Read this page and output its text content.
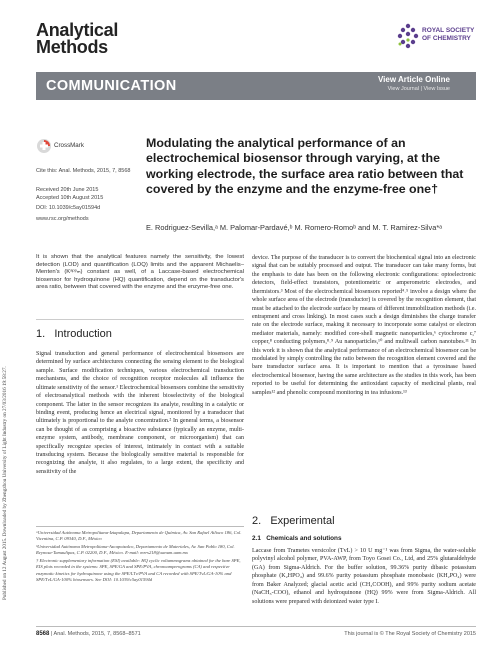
Published on 12 August 2015. Downloaded by Zhengzhou University of Light Industry on 27/03/2016 19:58:27.
Analytical
Methods
ROYAL SOCIETY
OF CHEMISTRY
COMMUNICATION	View Article Online
View Journal | View Issue
CrossMark
Cite this: Anal. Methods, 2015, 7, 8568
Received 20th June 2015
Accepted 10th August 2015
DOI: 10.1039/c5ay01594d
www.rsc.org/methods
Modulating the analytical performance of an electrochemical biosensor through varying, at the working electrode, the surface area ratio between that covered by the enzyme and the enzyme-free one†
E. Rodriguez-Sevilla,ᵃ M. Palomar-Pardavé,ᵇ M. Romero-Romoᵇ and M. T. Ramirez-Silva*ᵃ
It is shown that the analytical features namely the sensitivity, the lowest detection (LOD) and quantification (LOQ) limits and the apparent Michaelis–Menten's (Kᵃᵖᵖₘ) constant as well, of a Laccase-based electrochemical biosensor for hydroquinone (HQ) quantification, depend on the transductor's area ratio, between that covered with the enzyme and the enzyme-free one.
1.   Introduction
Signal transduction and general performance of electrochemical biosensors are determined by surface architectures connecting the sensing element to the biological sample. Surface modification techniques, various electrochemical transduction mechanisms, and the choice of recognition receptor molecules all influence the ultimate sensitivity of the sensor.¹ Electrochemical biosensors combine the sensitivity of electroanalytical methods with the inherent bioselectivity of the biological component. The latter in the sensor recognizes its analyte, resulting in a catalytic or binding event, producing hence an electrical signal, monitored by a transducer that ultimately is proportional to the analyte concentration.² In general terms, a biosensor can be thought of as comprising a bioactive substance (typically an enzyme, multi-enzyme system, antibody, membrane component, or microorganism) that can specifically recognize species of interest, intimately in contact with a suitable transducing system. Because the biologically sensitive material is responsible for recognizing the analyte, it also regulates, to a large extent, the specificity and sensitivity of the

ᵃUniversidad Autónoma Metropolitana-Iztapalapa, Departamento de Química, Av. San Rafael Atlixco 186, Col. Vicentina, C.P. 09340, D.F., México

ᵇUniversidad Autónoma Metropolitana-Azcapotzalco, Departamento de Materiales, Av. San Pablo 180, Col. Reynosa-Tamaulipas, C.P. 02200, D.F., México. E-mail: mrrs218@xanum.uam.mx

† Electronic supplementary information (ESI) available: HQ cyclic voltammograms obtained for the bare SPE, EIS plots recorded in the systems: SPE, SPE/GA and SPE/PVA, chronoamperograms (CA) and respective enzymatic kinetics for hydroquinone using the SPE/LTv/PVA and CA recorded with SPE/TvL/GA-10% and SPE/TvL/GA-100% biosensors. See DOI: 10.1039/c5ay01594d

device. The purpose of the transducer is to convert the biochemical signal into an electronic signal that can be suitably processed and output. The transducer can take many forms, but the emphasis to date has been on the following electronic configurations: optoelectronic detectors, field-effect transistors, potentiometric or amperometric electrodes, and thermistors.³ Most of the electrochemical biosensors reported⁴˒⁵ involve a design where the whole surface area of the electrode (transductor) is covered by the recognition element, that must be attached to the electrode surface by means of different immobilization methods (i.e. entrapment and cross linking). In most cases such a design diminishes the charge transfer rate on the electrode surface, making it necessary to incorporate some catalyst or electron mediator materials, namely: modified core-shell magnetic nanoparticles,⁶ cytochrome c,⁷ copper,⁸ conducting polymers,⁸˒⁹ Au nanoparticles,¹⁰ and multiwall carbon nanotubes.¹¹ In this work it is shown that the analytical performance of an electrochemical biosensor can be modulated by simply controlling the ratio between the recognition element covered and the bare transductor surface area. It is important to mention that a tyrosinase based electrochemical biosensor, having the same architecture as the studies in this work, has been reported to be useful for determining the antioxidant capacity of medicinal plants, real samples¹² and phenolic compound monitoring in tea infusions.¹³
2.   Experimental
2.1   Chemicals and solutions
Laccase from Trametes versicolor (TvL) > 10 U mg⁻¹ was from Sigma, the water-soluble polyvinyl alcohol polymer, PVA-AWP, from Toyo Gosei Co., Ltd, and 25% glutaraldehyde (GA) from Sigma-Aldrich. For the buffer solution, 99.36% purity dibasic potassium phosphate (K₂HPO₄) and 99.6% purity potassium phosphate monobasic (KH₂PO₄) were from Baker Analyzed; glacial acetic acid (CH₃COOH), and 99% purity sodium acetate (NaCH₃-COO), ethanol and hydroquinone (HQ) 99% were from Sigma-Aldrich. All solutions were prepared with deionized water type I.
8568 | Anal. Methods, 2015, 7, 8568–8571	This journal is © The Royal Society of Chemistry 2015
